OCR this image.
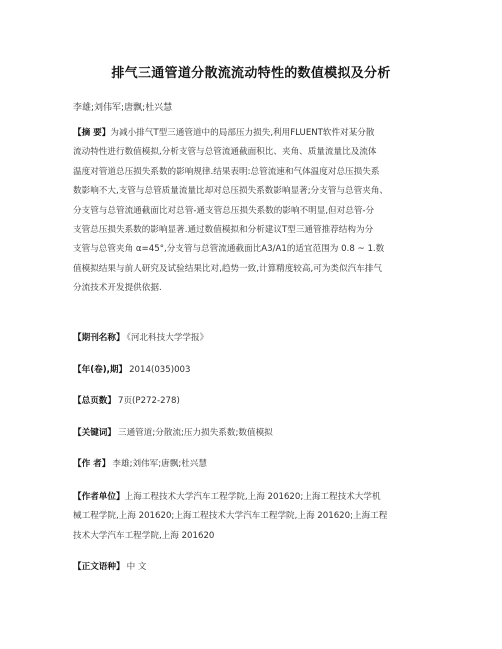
排气三通管道分散流流动特性的数值模拟及分析
李雄;刘伟军;唐飘;杜兴慧
【摘 要】为减小排气T型三通管道中的局部压力损失,利用FLUENT软件对某分散
流动特性进行数值模拟,分析支管与总管流通截面积比、夹角、质量流量比及流体
温度对管道总压损失系数的影响规律.结果表明:总管流速和气体温度对总压损失系
数影响不大,支管与总管质量流量比却对总压损失系数影响显著;分支管与总管夹角、
分支管与总管流通截面比对总管-通支管总压损失系数的影响不明显,但对总管-分
支管总压损失系数的影响显著.通过数值模拟和分析建议T型三通管推荐结构为分
支管与总管夹角 α=45°,分支管与总管流通截面比A3/A1的适宜范围为 0.8 ~ 1.数
值模拟结果与前人研究及试验结果比对,趋势一致,计算精度较高,可为类似汽车排气
分流技术开发提供依据.
【期刊名称】 《河北科技大学学报》
【年(卷),期】 2014(035)003
【总页数】 7页(P272-278)
【关键词】 三通管道;分散流;压力损失系数;数值模拟
【作 者】 李雄;刘伟军;唐飘;杜兴慧
【作者单位】上海工程技术大学汽车工程学院,上海 201620;上海工程技术大学机
械工程学院,上海 201620;上海工程技术大学汽车工程学院,上海 201620;上海工程
技术大学汽车工程学院,上海 201620
【正文语种】 中 文
